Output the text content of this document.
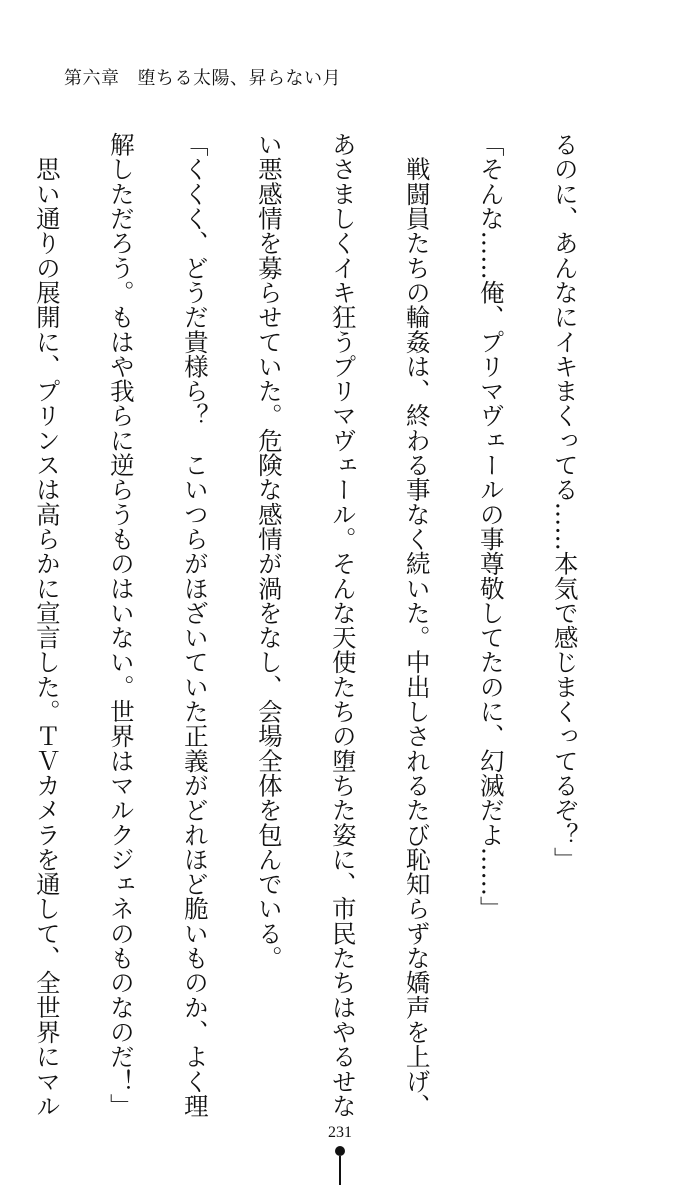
第六章 堕ちる太陽、昇らない月

るのに、あんなにイキまくってる……本気で感じまくってるぞ？」

「そんな……俺、プリマヴェールの事尊敬してたのに、幻滅だよ……」

　戦闘員たちの輪姦は、終わる事なく続いた。中出しされるたび恥知らずな嬌声を上げ、

あさましくイキ狂うプリマヴェール。そんな天使たちの堕ちた姿に、市民たちはやるせな

い悪感情を募らせていた。危険な感情が渦をなし、会場全体を包んでいる。

「くくく、どうだ貴様ら？　こいつらがほざいていた正義がどれほど脆いものか、よく理

解しただろう。もはや我らに逆らうものはいない。世界はマルクジェネのものなのだ！」

　思い通りの展開に、プリンスは高らかに宣言した。ＴＶカメラを通して、全世界にマル

231
